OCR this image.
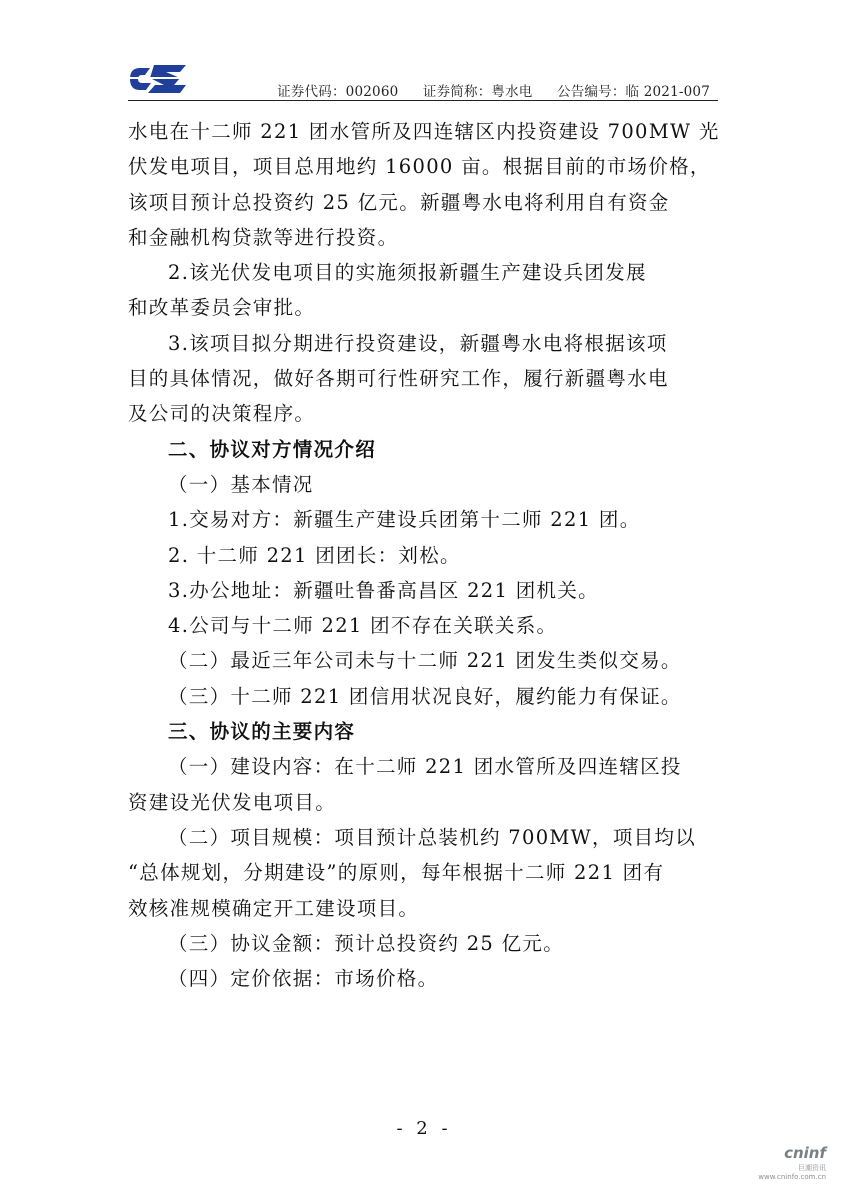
证券代码：002060 证券简称：粤水电 公告编号：临 2021-007
水电在十二师 221 团水管所及四连辖区内投资建设 700MW 光
伏发电项目，项目总用地约 16000 亩。根据目前的市场价格，
该项目预计总投资约 25 亿元。新疆粤水电将利用自有资金
和金融机构贷款等进行投资。
2.该光伏发电项目的实施须报新疆生产建设兵团发展
和改革委员会审批。
3.该项目拟分期进行投资建设，新疆粤水电将根据该项
目的具体情况，做好各期可行性研究工作，履行新疆粤水电
及公司的决策程序。
二、协议对方情况介绍
（一）基本情况
1.交易对方：新疆生产建设兵团第十二师 221 团。
2. 十二师 221 团团长：刘松。
3.办公地址：新疆吐鲁番高昌区 221 团机关。
4.公司与十二师 221 团不存在关联关系。
（二）最近三年公司未与十二师 221 团发生类似交易。
（三）十二师 221 团信用状况良好，履约能力有保证。
三、协议的主要内容
（一）建设内容：在十二师 221 团水管所及四连辖区投
资建设光伏发电项目。
（二）项目规模：项目预计总装机约 700MW，项目均以
“总体规划，分期建设”的原则，每年根据十二师 221 团有
效核准规模确定开工建设项目。
（三）协议金额：预计总投资约 25 亿元。
（四）定价依据：市场价格。
- 2 -
cninf
巨潮资讯
www.cninfo.com.cn
